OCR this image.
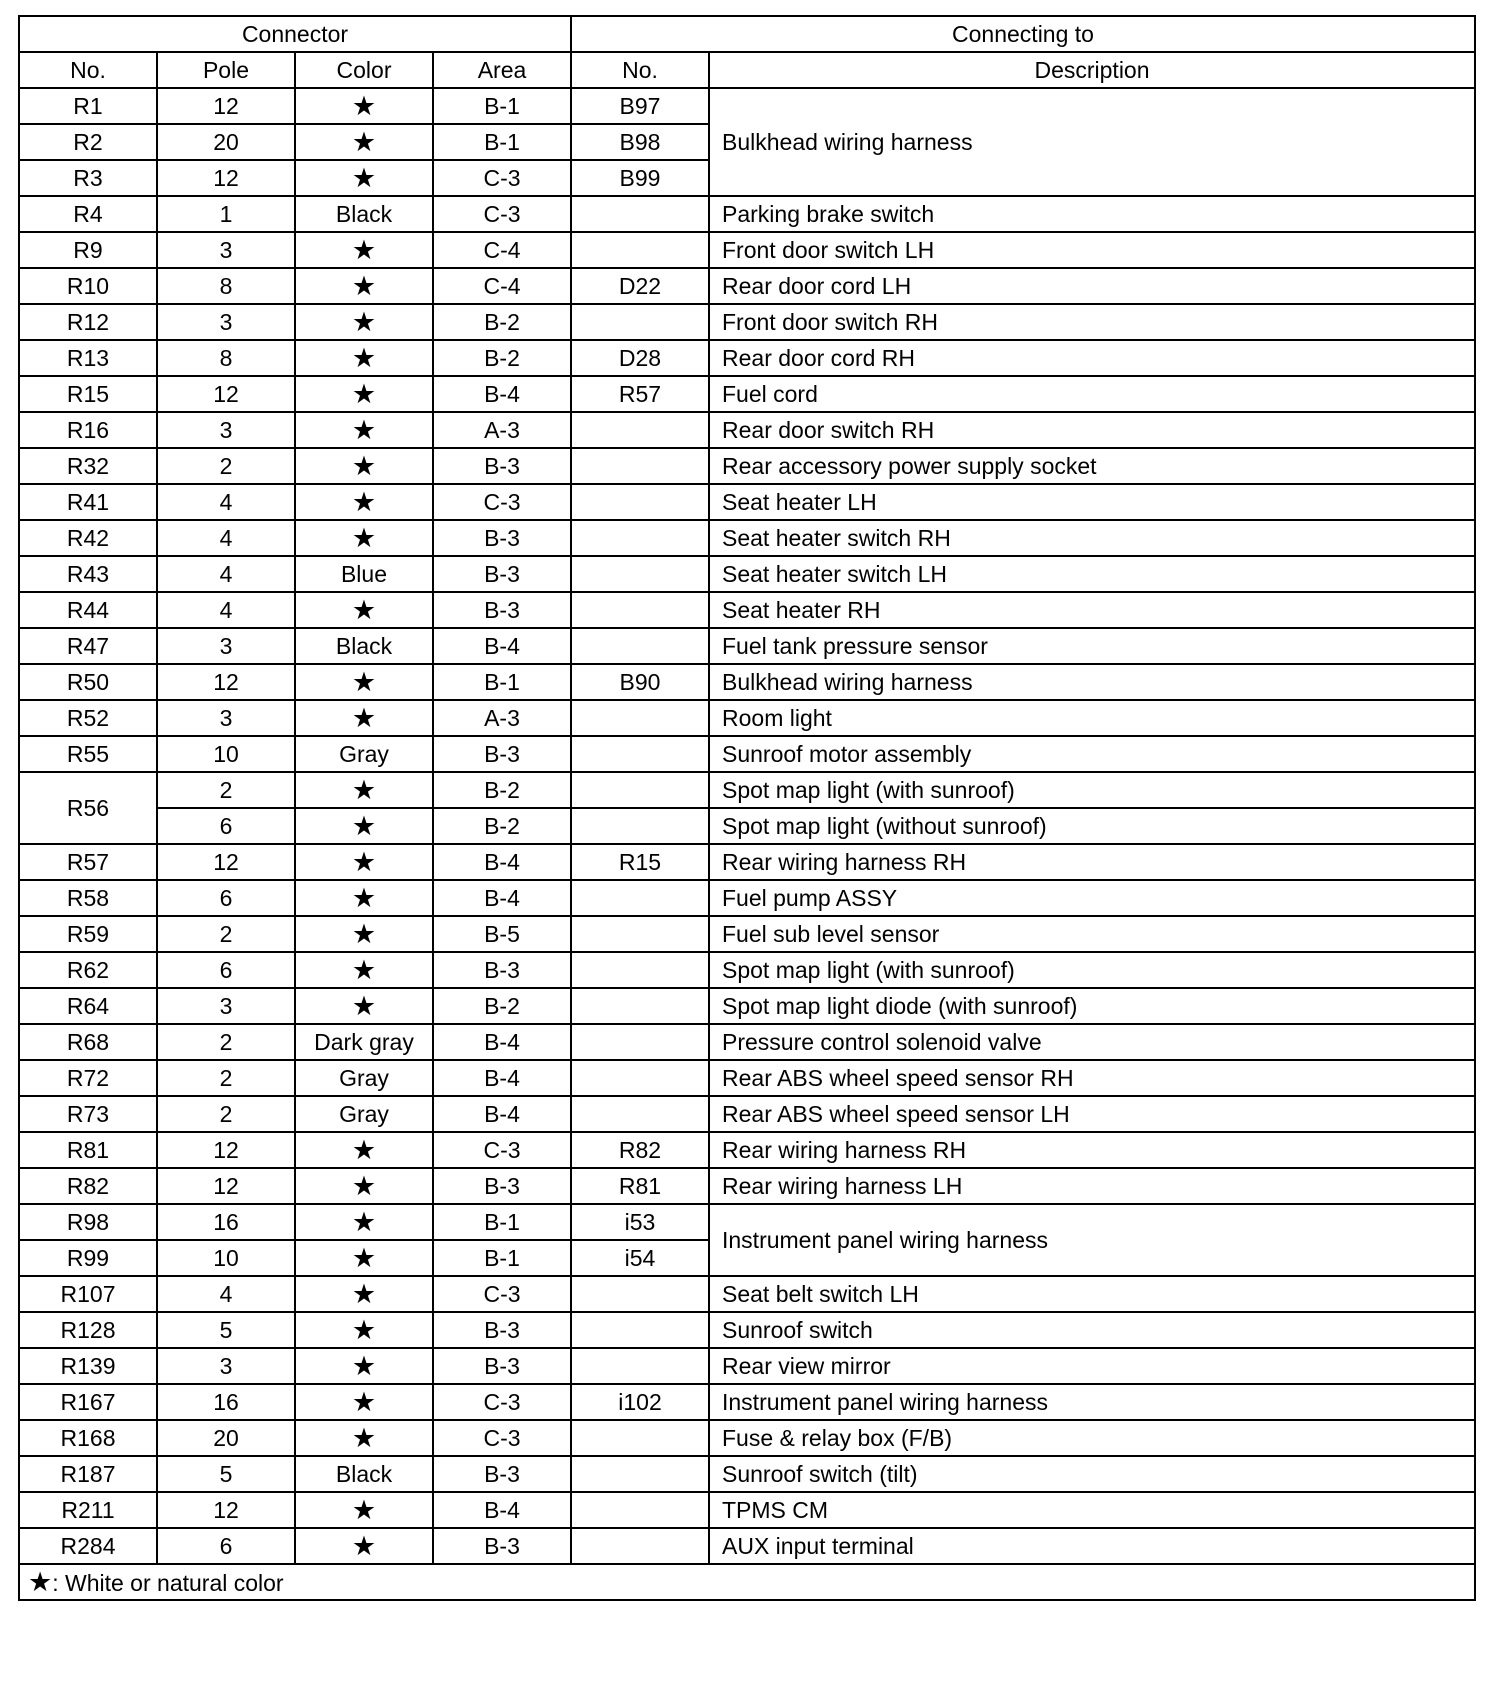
Connector				Connecting to	
No.	Pole	Color	Area	No.	Description
R1	12	★	B-1	B97	Bulkhead wiring harness
R2	20	★	B-1	B98	
R3	12	★	C-3	B99	
R4	1	Black	C-3		Parking brake switch
R9	3	★	C-4		Front door switch LH
R10	8	★	C-4	D22	Rear door cord LH
R12	3	★	B-2		Front door switch RH
R13	8	★	B-2	D28	Rear door cord RH
R15	12	★	B-4	R57	Fuel cord
R16	3	★	A-3		Rear door switch RH
R32	2	★	B-3		Rear accessory power supply socket
R41	4	★	C-3		Seat heater LH
R42	4	★	B-3		Seat heater switch RH
R43	4	Blue	B-3		Seat heater switch LH
R44	4	★	B-3		Seat heater RH
R47	3	Black	B-4		Fuel tank pressure sensor
R50	12	★	B-1	B90	Bulkhead wiring harness
R52	3	★	A-3		Room light
R55	10	Gray	B-3		Sunroof motor assembly
R56	2	★	B-2		Spot map light (with sunroof)
	6	★	B-2		Spot map light (without sunroof)
R57	12	★	B-4	R15	Rear wiring harness RH
R58	6	★	B-4		Fuel pump ASSY
R59	2	★	B-5		Fuel sub level sensor
R62	6	★	B-3		Spot map light (with sunroof)
R64	3	★	B-2		Spot map light diode (with sunroof)
R68	2	Dark gray	B-4		Pressure control solenoid valve
R72	2	Gray	B-4		Rear ABS wheel speed sensor RH
R73	2	Gray	B-4		Rear ABS wheel speed sensor LH
R81	12	★	C-3	R82	Rear wiring harness RH
R82	12	★	B-3	R81	Rear wiring harness LH
R98	16	★	B-1	i53	Instrument panel wiring harness
R99	10	★	B-1	i54	
R107	4	★	C-3		Seat belt switch LH
R128	5	★	B-3		Sunroof switch
R139	3	★	B-3		Rear view mirror
R167	16	★	C-3	i102	Instrument panel wiring harness
R168	20	★	C-3		Fuse & relay box (F/B)
R187	5	Black	B-3		Sunroof switch (tilt)
R211	12	★	B-4		TPMS CM
R284	6	★	B-3		AUX input terminal
★: White or natural color					
